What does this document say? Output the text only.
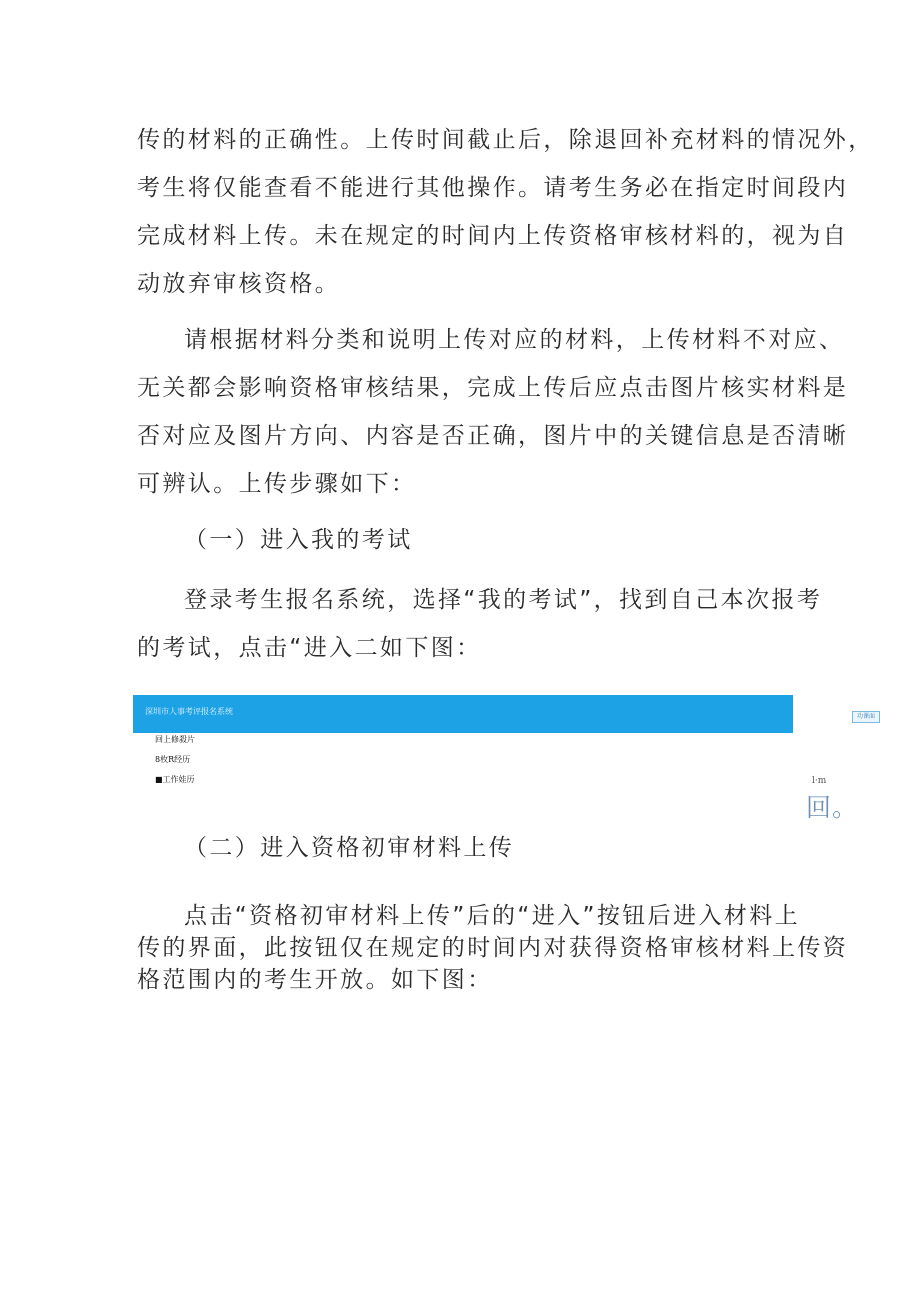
传的材料的正确性。上传时间截止后，除退回补充材料的情况外，

考生将仅能查看不能进行其他操作。请考生务必在指定时间段内

完成材料上传。未在规定的时间内上传资格审核材料的，视为自

动放弃审核资格。

请根据材料分类和说明上传对应的材料，上传材料不对应、

无关都会影响资格审核结果，完成上传后应点击图片核实材料是

否对应及图片方向、内容是否正确，图片中的关键信息是否清晰

可辨认。上传步骤如下：

（一）进入我的考试

登录考生报名系统，选择“我的考试”，找到自己本次报考

的考试，点击“进入二如下图：

深圳市人事考评报名系统
回上修殺片
8枚R经历
■工作娃历
功课面
l·m
回。

（二）进入资格初审材料上传

点击“资格初审材料上传”后的“进入”按钮后进入材料上

传的界面，此按钮仅在规定的时间内对获得资格审核材料上传资

格范围内的考生开放。如下图：
